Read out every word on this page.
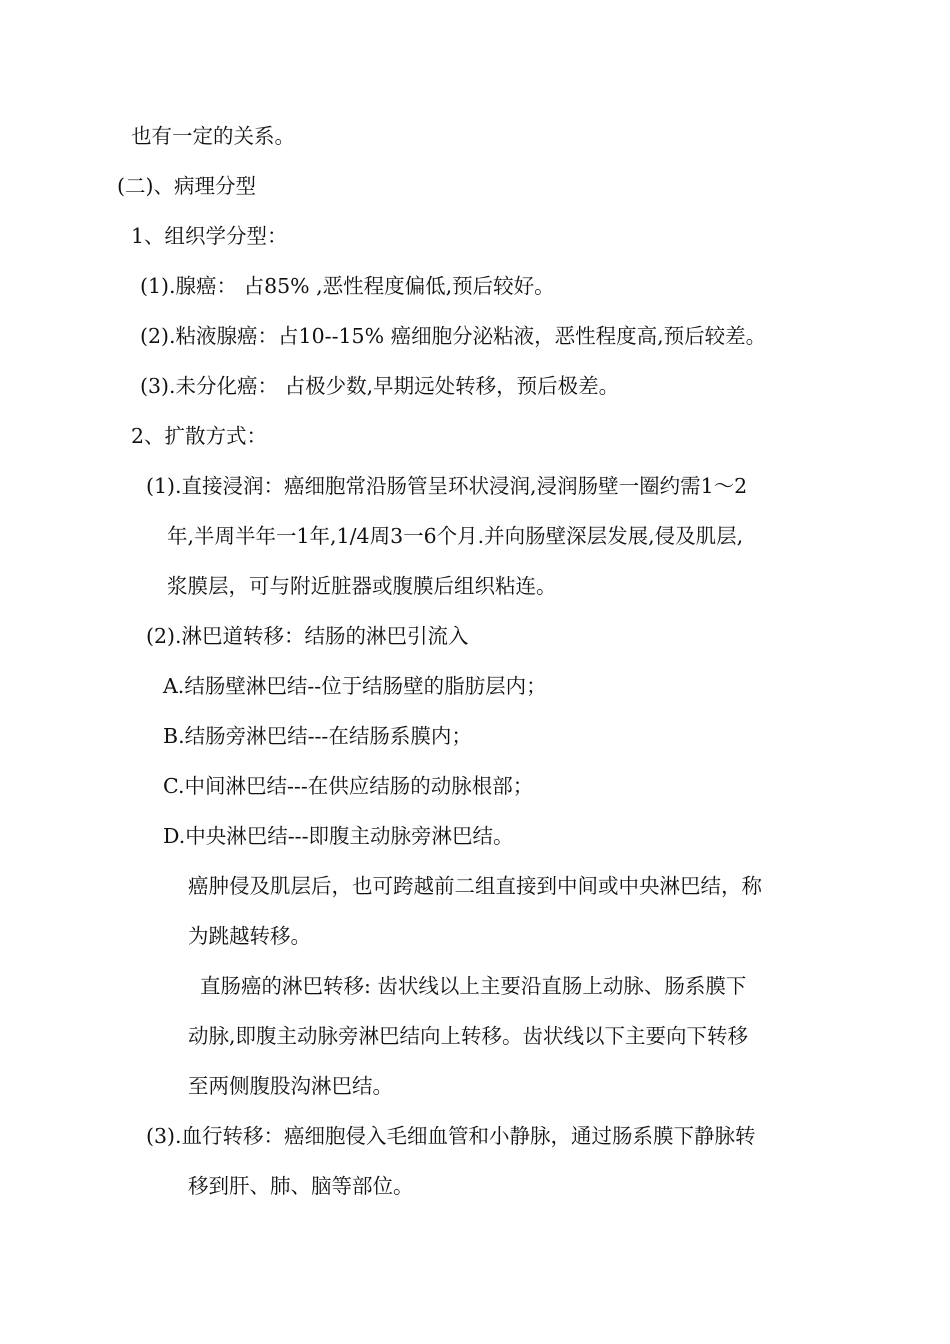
也有一定的关系。
(二)、病理分型
1、组织学分型：
(1).腺癌： 占85% ,恶性程度偏低,预后较好。
(2).粘液腺癌：占10--15% 癌细胞分泌粘液，恶性程度高,预后较差。
(3).未分化癌： 占极少数,早期远处转移，预后极差。
2、扩散方式：
(1).直接浸润：癌细胞常沿肠管呈环状浸润,浸润肠壁一圈约需1～2
年,半周半年一1年,1/4周3一6个月.并向肠壁深层发展,侵及肌层,
浆膜层，可与附近脏器或腹膜后组织粘连。
(2).淋巴道转移：结肠的淋巴引流入
A.结肠壁淋巴结--位于结肠壁的脂肪层内；
B.结肠旁淋巴结---在结肠系膜内；
C.中间淋巴结---在供应结肠的动脉根部；
D.中央淋巴结---即腹主动脉旁淋巴结。
癌肿侵及肌层后，也可跨越前二组直接到中间或中央淋巴结，称
为跳越转移。
直肠癌的淋巴转移: 齿状线以上主要沿直肠上动脉、肠系膜下
动脉,即腹主动脉旁淋巴结向上转移。齿状线以下主要向下转移
至两侧腹股沟淋巴结。
(3).血行转移：癌细胞侵入毛细血管和小静脉，通过肠系膜下静脉转
移到肝、肺、脑等部位。
